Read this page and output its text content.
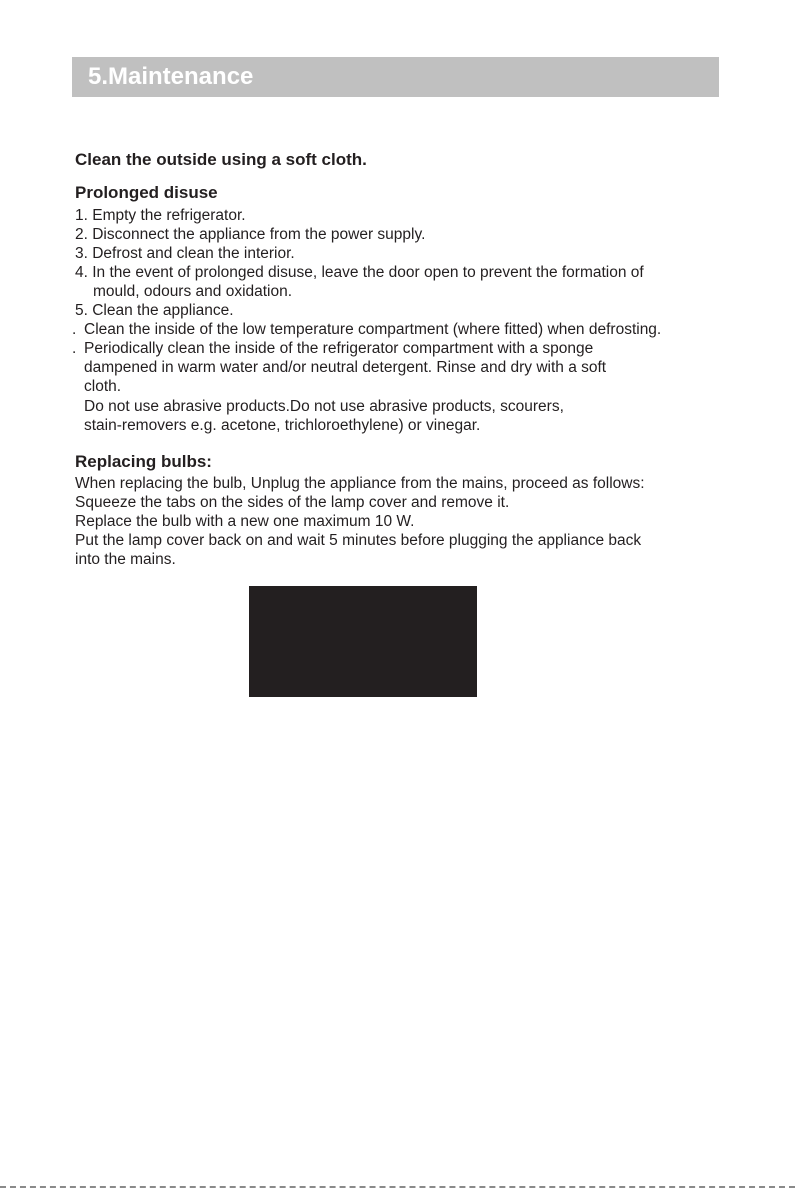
5.Maintenance
Clean the outside using a soft cloth.
Prolonged disuse
1. Empty the refrigerator.
2. Disconnect the appliance from the power supply.
3. Defrost and clean the interior.
4. In the event of prolonged disuse, leave the door open to prevent the formation of
mould, odours and oxidation.
5. Clean the appliance.
. Clean the inside of the low temperature compartment (where fitted) when defrosting.
. Periodically clean the inside of the refrigerator compartment with a sponge
dampened in warm water and/or neutral detergent. Rinse and dry with a soft
cloth.
Do not use abrasive products.Do not use abrasive products, scourers,
stain-removers e.g. acetone, trichloroethylene) or vinegar.
Replacing bulbs:
When replacing the bulb, Unplug the appliance from the mains, proceed as follows:
Squeeze the tabs on the sides of the lamp cover and remove it.
Replace the bulb with a new one maximum 10 W.
Put the lamp cover back on and wait 5 minutes before plugging the appliance back
into the mains.
